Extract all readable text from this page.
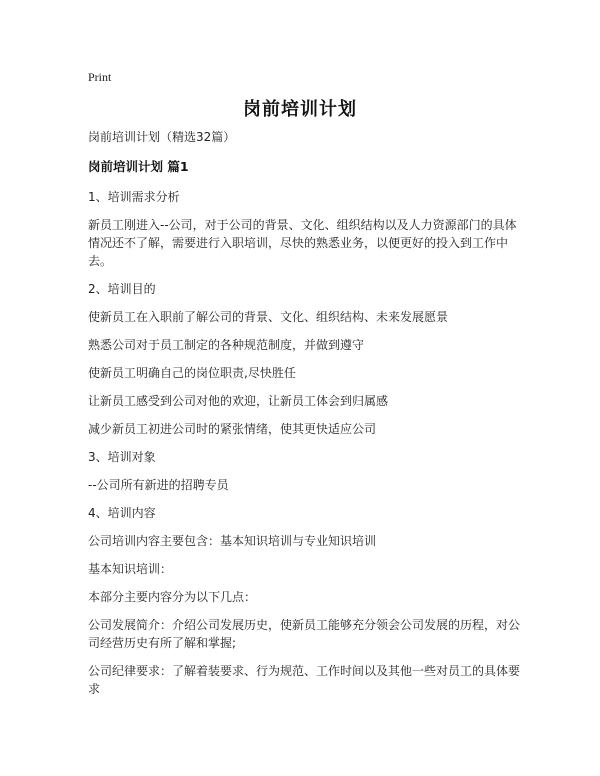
Print
岗前培训计划
岗前培训计划（精选32篇）
岗前培训计划 篇1
1、培训需求分析
新员工刚进入--公司，对于公司的背景、文化、组织结构以及人力资源部门的具体情况还不了解，需要进行入职培训，尽快的熟悉业务，以便更好的投入到工作中去。
2、培训目的
使新员工在入职前了解公司的背景、文化、组织结构、未来发展愿景
熟悉公司对于员工制定的各种规范制度，并做到遵守
使新员工明确自己的岗位职责,尽快胜任
让新员工感受到公司对他的欢迎，让新员工体会到归属感
减少新员工初进公司时的紧张情绪，使其更快适应公司
3、培训对象
--公司所有新进的招聘专员
4、培训内容
公司培训内容主要包含：基本知识培训与专业知识培训
基本知识培训：
本部分主要内容分为以下几点：
公司发展简介：介绍公司发展历史，使新员工能够充分领会公司发展的历程，对公司经营历史有所了解和掌握;
公司纪律要求：了解着装要求、行为规范、工作时间以及其他一些对员工的具体要求
